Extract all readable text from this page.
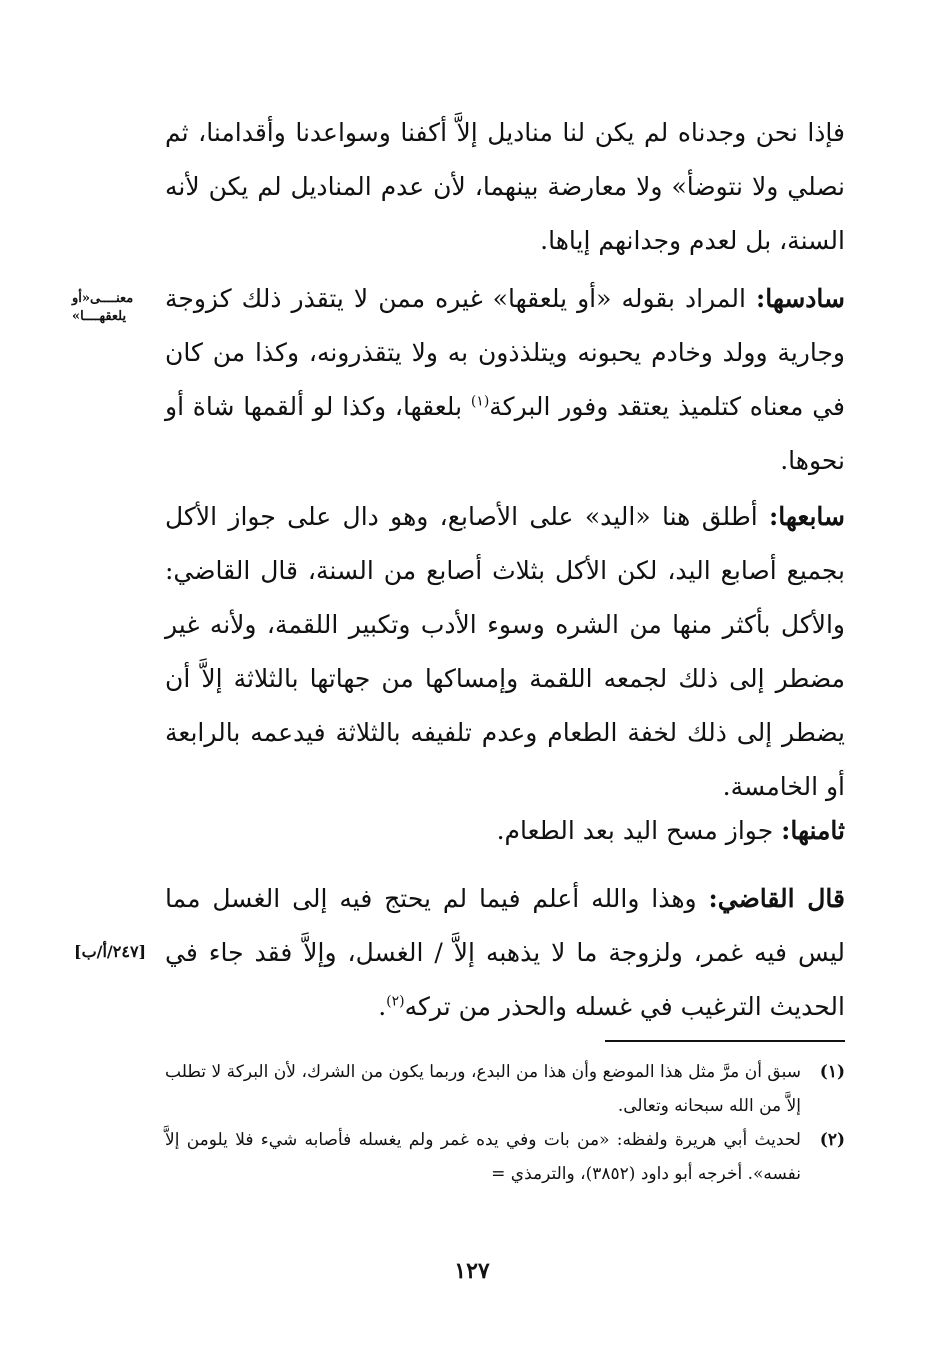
فإذا نحن وجدناه لم يكن لنا مناديل إلاَّ أكفنا وسواعدنا وأقدامنا، ثم نصلي ولا نتوضأ» ولا معارضة بينهما، لأن عدم المناديل لم يكن لأنه السنة، بل لعدم وجدانهم إياها.
سادسها: المراد بقوله «أو يلعقها» غيره ممن لا يتقذر ذلك كزوجة وجارية وولد وخادم يحبونه ويتلذذون به ولا يتقذرونه، وكذا من كان في معناه كتلميذ يعتقد وفور البركة$^{(١)}$ بلعقها، وكذا لو ألقمها شاة أو نحوها.
معنــــى«أو يلعقهــــا»
سابعها: أطلق هنا «اليد» على الأصابع، وهو دال على جواز الأكل بجميع أصابع اليد، لكن الأكل بثلاث أصابع من السنة، قال القاضي: والأكل بأكثر منها من الشره وسوء الأدب وتكبير اللقمة، ولأنه غير مضطر إلى ذلك لجمعه اللقمة وإمساكها من جهاتها بالثلاثة إلاَّ أن يضطر إلى ذلك لخفة الطعام وعدم تلفيفه بالثلاثة فيدعمه بالرابعة أو الخامسة.
ثامنها: جواز مسح اليد بعد الطعام.
قال القاضي: وهذا والله أعلم فيما لم يحتج فيه إلى الغسل مما ليس فيه غمر، ولزوجة ما لا يذهبه إلاَّ / الغسل، وإلاَّ فقد جاء في الحديث الترغيب في غسله والحذر من تركه$^{(٢)}$.
[٢٤٧/أ/ب]
(١)
سبق أن مرَّ مثل هذا الموضع وأن هذا من البدع، وربما يكون من الشرك، لأن البركة لا تطلب إلاَّ من الله سبحانه وتعالى.
(٢)
لحديث أبي هريرة ولفظه: «من بات وفي يده غمر ولم يغسله فأصابه شيء فلا يلومن إلاَّ نفسه». أخرجه أبو داود (٣٨٥٢)، والترمذي =
١٢٧
